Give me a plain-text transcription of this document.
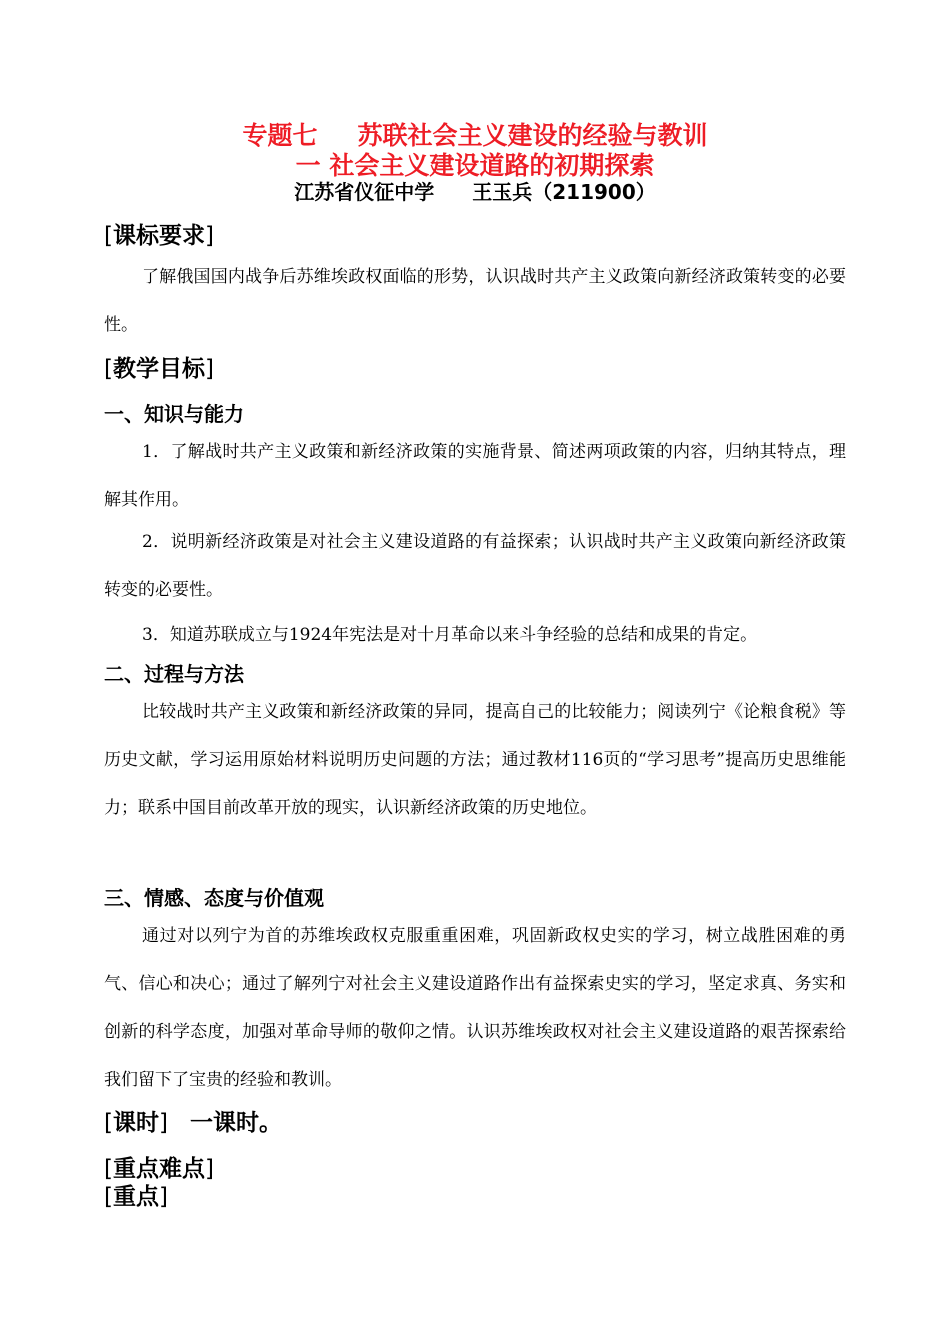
专题七 苏联社会主义建设的经验与教训
一 社会主义建设道路的初期探索
江苏省仪征中学 王玉兵（211900）
[课标要求]
了解俄国国内战争后苏维埃政权面临的形势，认识战时共产主义政策向新经济政策转变的必要性。
[教学目标]
一、知识与能力
1．了解战时共产主义政策和新经济政策的实施背景、简述两项政策的内容，归纳其特点，理解其作用。
2．说明新经济政策是对社会主义建设道路的有益探索；认识战时共产主义政策向新经济政策转变的必要性。
3．知道苏联成立与1924年宪法是对十月革命以来斗争经验的总结和成果的肯定。
二、过程与方法
比较战时共产主义政策和新经济政策的异同，提高自己的比较能力；阅读列宁《论粮食税》等历史文献，学习运用原始材料说明历史问题的方法；通过教材116页的“学习思考”提高历史思维能力；联系中国目前改革开放的现实，认识新经济政策的历史地位。
三、情感、态度与价值观
通过对以列宁为首的苏维埃政权克服重重困难，巩固新政权史实的学习，树立战胜困难的勇气、信心和决心；通过了解列宁对社会主义建设道路作出有益探索史实的学习，坚定求真、务实和创新的科学态度，加强对革命导师的敬仰之情。认识苏维埃政权对社会主义建设道路的艰苦探索给我们留下了宝贵的经验和教训。
[课时] 一课时。
[重点难点]
[重点]
